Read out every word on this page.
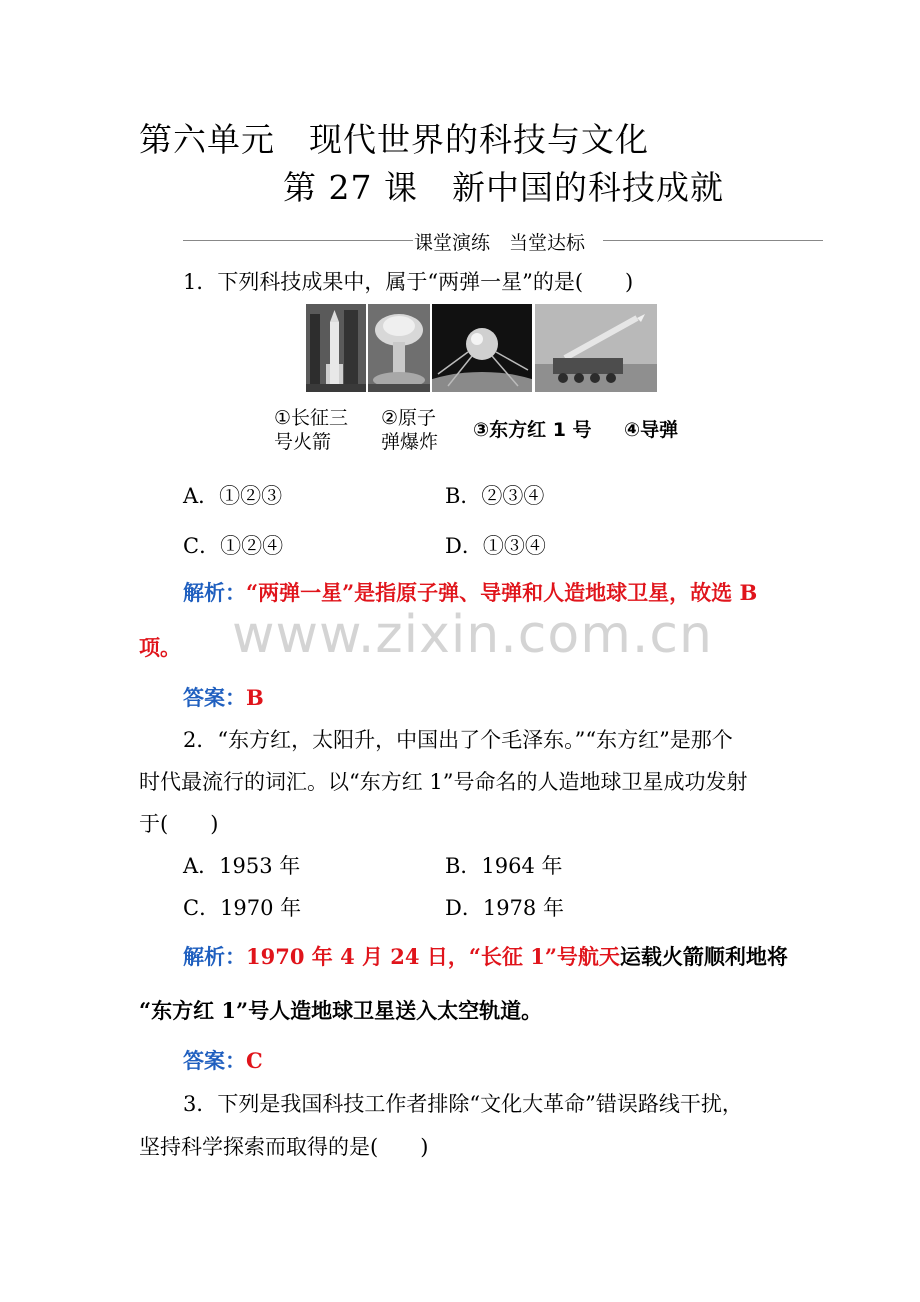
第六单元　现代世界的科技与文化
第 27 课　新中国的科技成就
课堂演练　当堂达标
1．下列科技成果中，属于“两弹一星”的是(　　)
①长征三
号火箭
②原子
弹爆炸
③东方红 1 号 ④导弹
A．①②③	B．②③④
C．①②④	D．①③④
解析：“两弹一星”是指原子弹、导弹和人造地球卫星，故选 B
项。 www.zixin.com.cn
答案：B
2．“东方红，太阳升，中国出了个毛泽东。”“东方红”是那个
时代最流行的词汇。以“东方红 1”号命名的人造地球卫星成功发射
于(　　)
A．1953 年	B．1964 年
C．1970 年	D．1978 年
解析：1970 年 4 月 24 日，“长征 1”号航天运载火箭顺利地将
“东方红 1”号人造地球卫星送入太空轨道。
答案：C
3．下列是我国科技工作者排除“文化大革命”错误路线干扰，
坚持科学探索而取得的是(　　)
